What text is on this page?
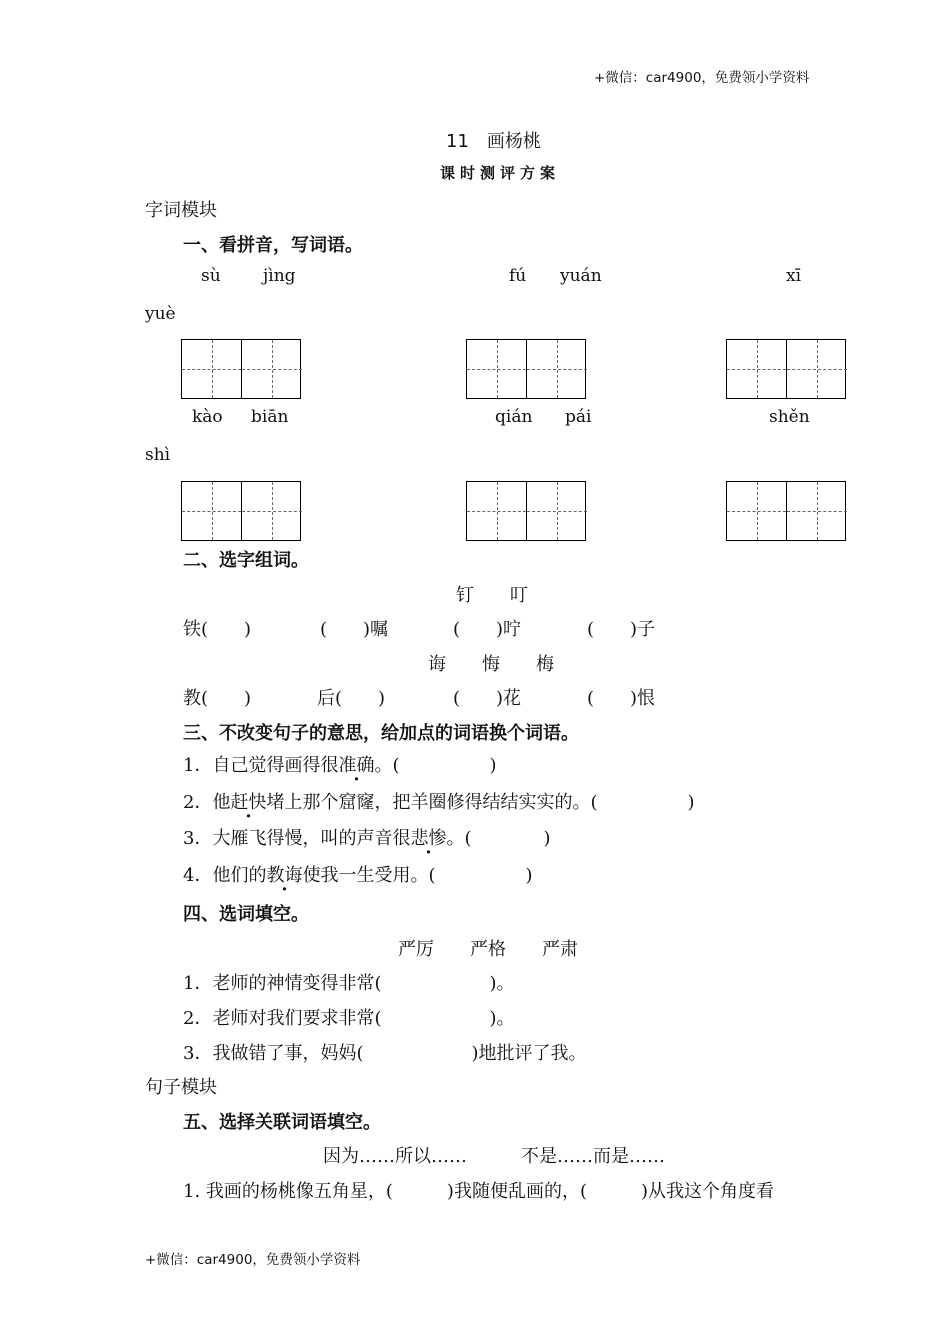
+微信：car4900，免费领小学资料
11　画杨桃
课时测评方案
字词模块
一、看拼音，写词语。
sù jìng	fú yuán	xī
yuè
kào biān	qián pái	shěn
shì
二、选字组词。
钉　　叮
铁(　　)	(　　)嘱	(　　)咛	(　　)子
诲　　悔　　梅
教(　　)	后(　　)	(　　)花	(　　)恨
三、不改变句子的意思，给加点的词语换个词语。
1．自己觉得画得很准确。(　　　　　)
2．他赶快堵上那个窟窿，把羊圈修得结结实实的。(　　　　　)
3．大雁飞得慢，叫的声音很悲惨。(　　　　)
4．他们的教诲使我一生受用。(　　　　　)
四、选词填空。
严厉　　严格　　严肃
1．老师的神情变得非常(　　　　　　)。
2．老师对我们要求非常(　　　　　　)。
3．我做错了事，妈妈(　　　　　　)地批评了我。
句子模块
五、选择关联词语填空。
因为……所以……　　　不是……而是……
1. 我画的杨桃像五角星，(　　　)我随便乱画的，(　　　)从我这个角度看
+微信：car4900，免费领小学资料
